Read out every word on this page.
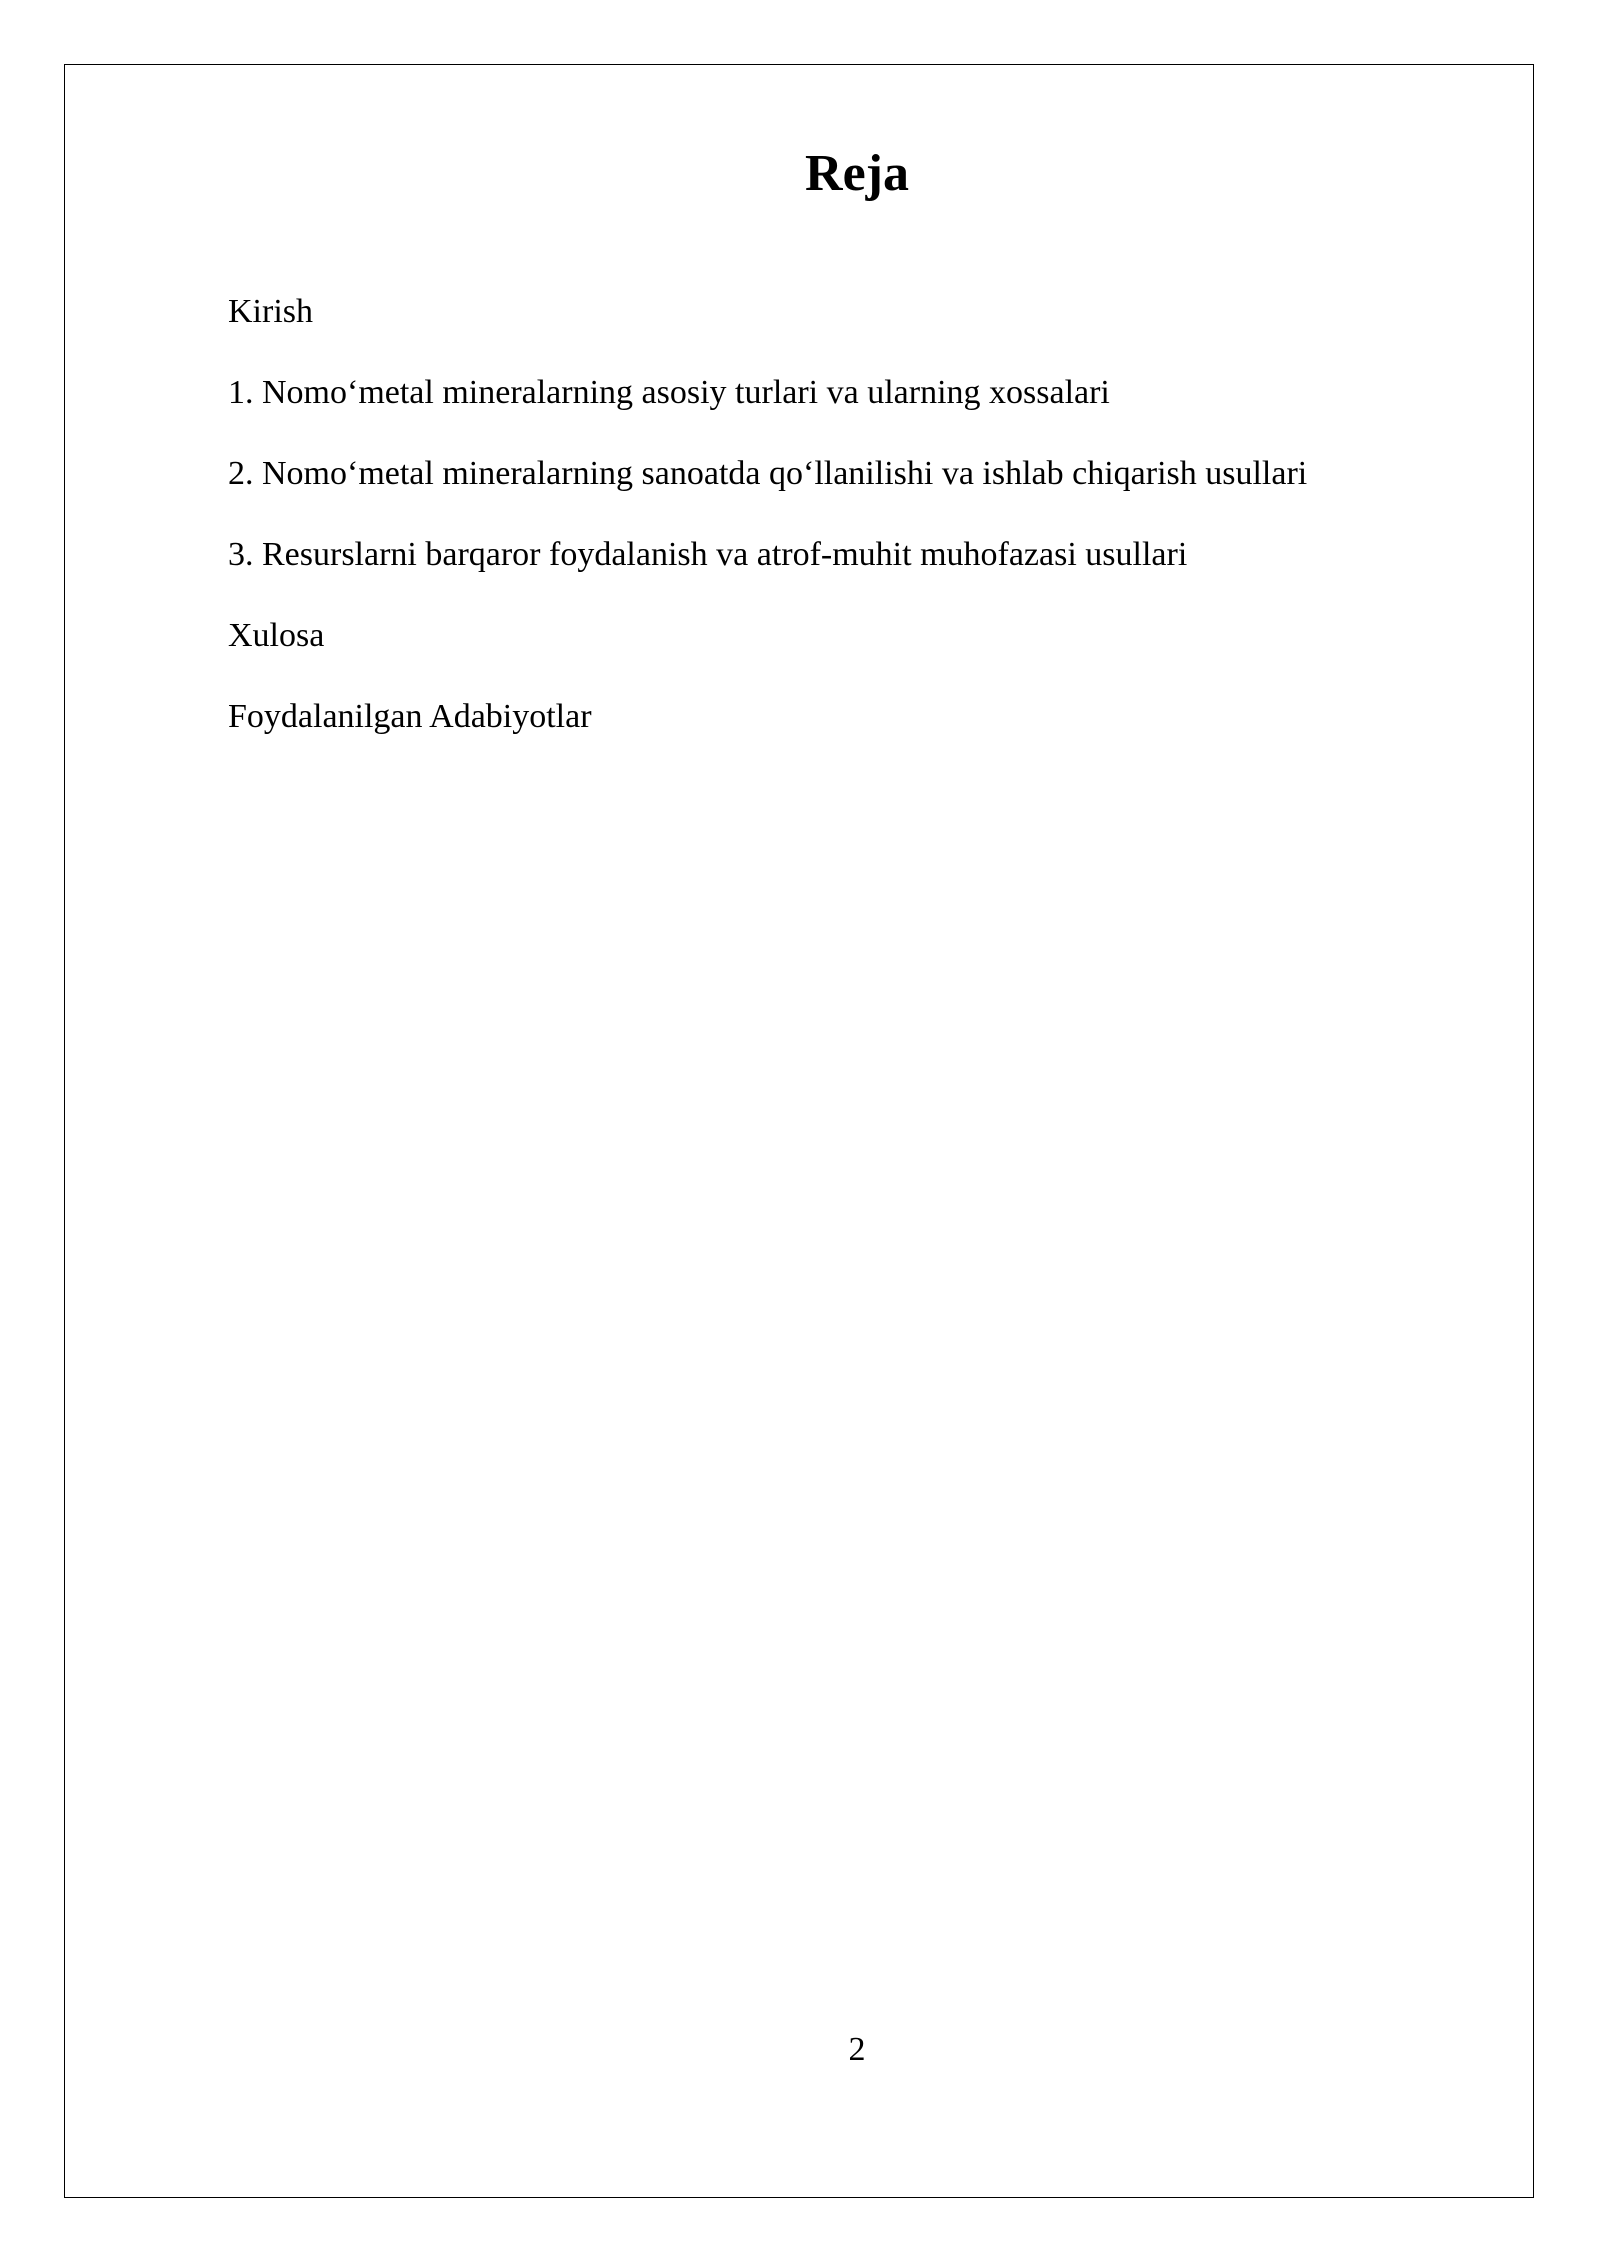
Reja
Kirish
1. Nomo‘metal mineralarning asosiy turlari va ularning xossalari
2. Nomo‘metal mineralarning sanoatda qo‘llanilishi va ishlab chiqarish usullari
3. Resurslarni barqaror foydalanish va atrof-muhit muhofazasi usullari
Xulosa
Foydalanilgan Adabiyotlar
2
